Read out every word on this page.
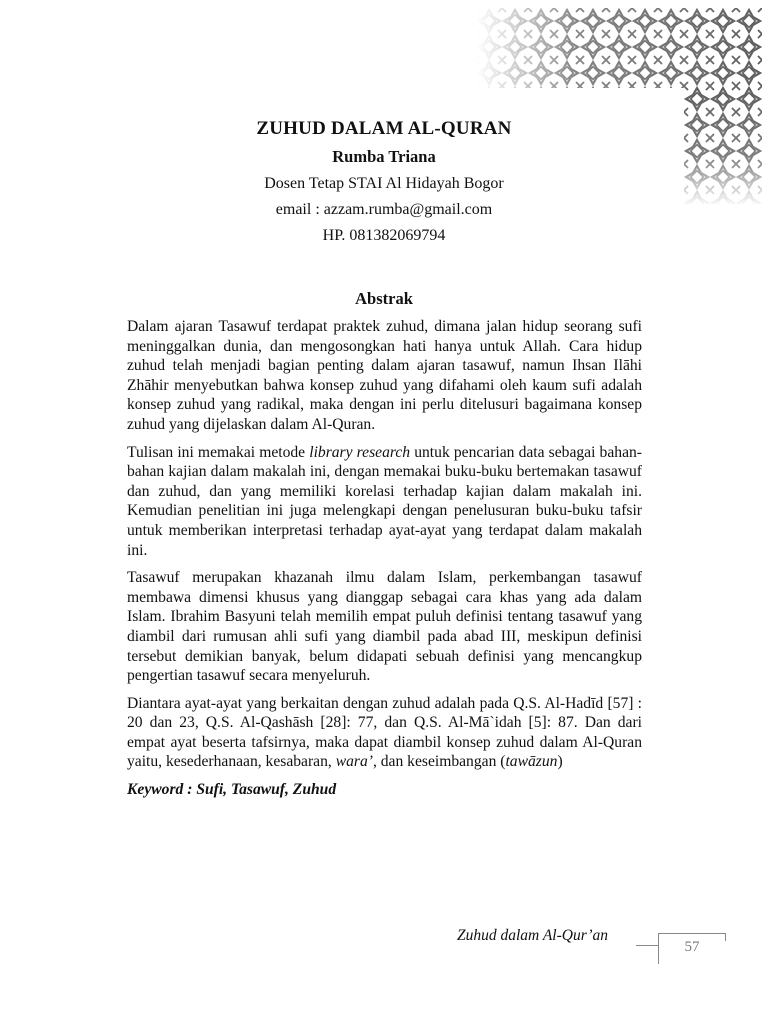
ZUHUD DALAM AL-QURAN
Rumba Triana
Dosen Tetap STAI Al Hidayah Bogor
email : azzam.rumba@gmail.com
HP. 081382069794
Abstrak

Dalam ajaran Tasawuf terdapat praktek zuhud, dimana jalan hidup seorang sufi meninggalkan dunia, dan mengosongkan hati hanya untuk Allah. Cara hidup zuhud telah menjadi bagian penting dalam ajaran tasawuf, namun Ihsan Ilāhi Zhāhir menyebutkan bahwa konsep zuhud yang difahami oleh kaum sufi adalah konsep zuhud yang radikal, maka dengan ini perlu ditelusuri bagaimana konsep zuhud yang dijelaskan dalam Al-Quran.

Tulisan ini memakai metode library research untuk pencarian data sebagai bahan-bahan kajian dalam makalah ini, dengan memakai buku-buku bertemakan tasawuf dan zuhud, dan yang memiliki korelasi terhadap kajian dalam makalah ini. Kemudian penelitian ini juga melengkapi dengan penelusuran buku-buku tafsir untuk memberikan interpretasi terhadap ayat-ayat yang terdapat dalam makalah ini.

Tasawuf merupakan khazanah ilmu dalam Islam, perkembangan tasawuf membawa dimensi khusus yang dianggap sebagai cara khas yang ada dalam Islam. Ibrahim Basyuni telah memilih empat puluh definisi tentang tasawuf yang diambil dari rumusan ahli sufi yang diambil pada abad III, meskipun definisi tersebut demikian banyak, belum didapati sebuah definisi yang mencangkup pengertian tasawuf secara menyeluruh.

Diantara ayat-ayat yang berkaitan dengan zuhud adalah pada Q.S. Al-Hadīd [57] : 20 dan 23, Q.S. Al-Qashāsh [28]: 77, dan Q.S. Al-Mā`idah [5]: 87. Dan dari empat ayat beserta tafsirnya, maka dapat diambil konsep zuhud dalam Al-Quran yaitu, kesederhanaan, kesabaran, wara’, dan keseimbangan (tawāzun)

Keyword : Sufi, Tasawuf, Zuhud

Zuhud dalam Al-Qur’an
57
